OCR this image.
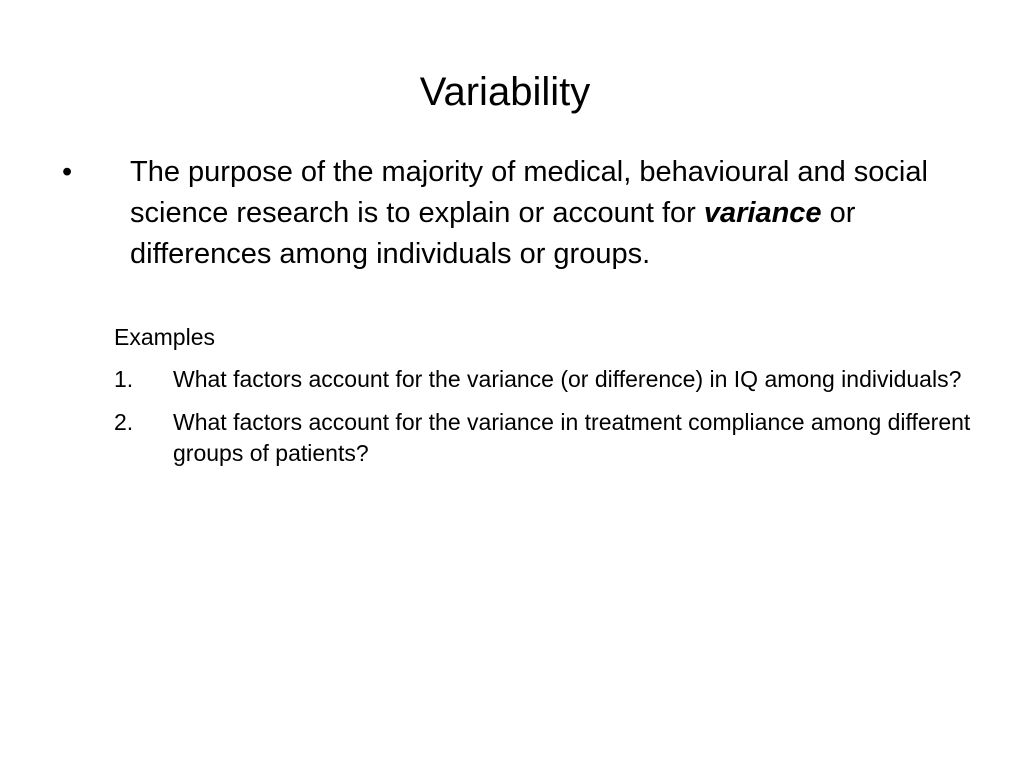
Variability
•	The purpose of the majority of medical, behavioural and social science research is to explain or account for variance or differences among individuals or groups.
Examples
1.	What factors account for the variance (or difference) in IQ among individuals?
2.	What factors account for the variance in treatment compliance among different groups of patients?
